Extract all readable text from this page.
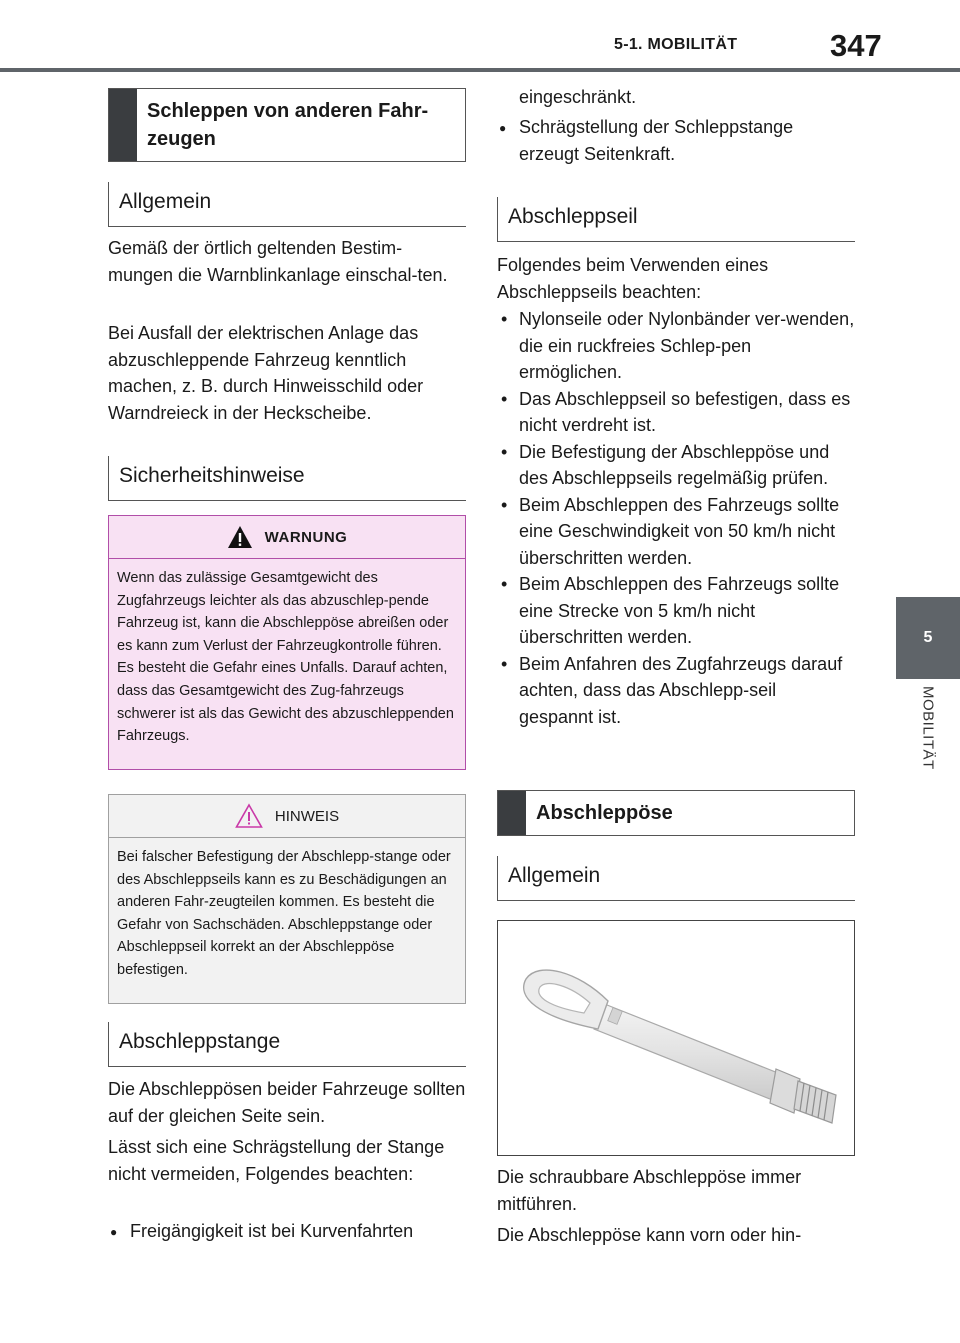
5-1. MOBILITÄT	347
5
MOBILITÄT
Schleppen von anderen Fahr-zeugen
Allgemein

Gemäß der örtlich geltenden Bestim-mungen die Warnblinkanlage einschal-ten.

Bei Ausfall der elektrischen Anlage das abzuschleppende Fahrzeug kenntlich machen, z. B. durch Hinweisschild oder Warndreieck in der Heckscheibe.

Sicherheitshinweise
WARNUNG
Wenn das zulässige Gesamtgewicht des Zugfahrzeugs leichter als das abzuschlep-pende Fahrzeug ist, kann die Abschleppöse abreißen oder es kann zum Verlust der Fahrzeugkontrolle führen. Es besteht die Gefahr eines Unfalls. Darauf achten, dass das Gesamtgewicht des Zug-fahrzeugs schwerer ist als das Gewicht des abzuschleppenden Fahrzeugs.
HINWEIS
Bei falscher Befestigung der Abschlepp-stange oder des Abschleppseils kann es zu Beschädigungen an anderen Fahr-zeugteilen kommen. Es besteht die Gefahr von Sachschäden. Abschleppstange oder Abschleppseil korrekt an der Abschleppöse befestigen.
Abschleppstange

Die Abschleppösen beider Fahrzeuge sollten auf der gleichen Seite sein.

Lässt sich eine Schrägstellung der Stange nicht vermeiden, Folgendes beachten:

● Freigängigkeit ist bei Kurvenfahrten

eingeschränkt.

● Schrägstellung der Schleppstange erzeugt Seitenkraft.
Abschleppseil

Folgendes beim Verwenden eines Abschleppseils beachten:

• Nylonseile oder Nylonbänder ver-wenden, die ein ruckfreies Schlep-pen ermöglichen.
• Das Abschleppseil so befestigen, dass es nicht verdreht ist.
• Die Befestigung der Abschleppöse und des Abschleppseils regelmäßig prüfen.
• Beim Abschleppen des Fahrzeugs sollte eine Geschwindigkeit von 50 km/h nicht überschritten werden.
• Beim Abschleppen des Fahrzeugs sollte eine Strecke von 5 km/h nicht überschritten werden.
• Beim Anfahren des Zugfahrzeugs darauf achten, dass das Abschlepp-seil gespannt ist.
Abschleppöse
Allgemein

Die schraubbare Abschleppöse immer mitführen.

Die Abschleppöse kann vorn oder hin-
